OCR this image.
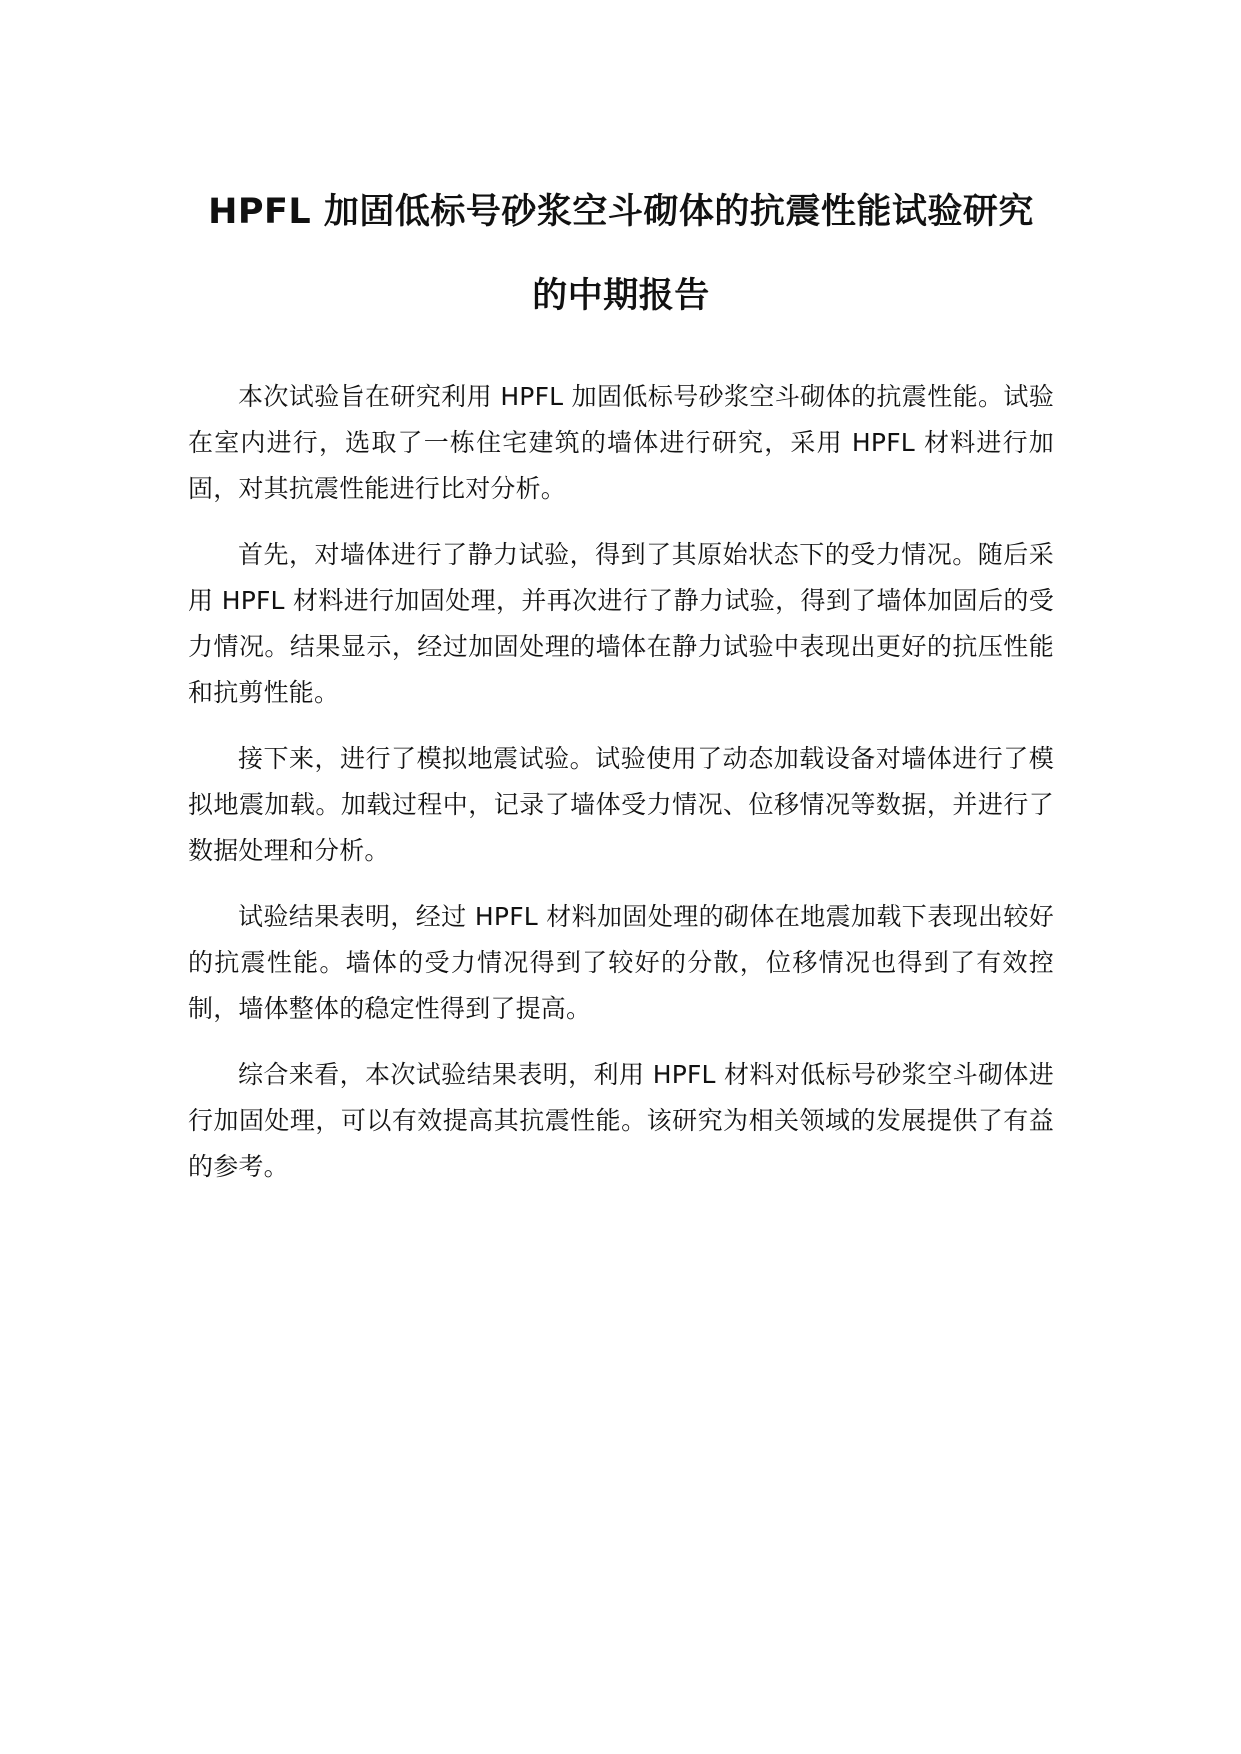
HPFL 加固低标号砂浆空斗砌体的抗震性能试验研究
的中期报告

本次试验旨在研究利用 HPFL 加固低标号砂浆空斗砌体的抗震性能。试验在室内进行，选取了一栋住宅建筑的墙体进行研究，采用 HPFL 材料进行加固，对其抗震性能进行比对分析。

首先，对墙体进行了静力试验，得到了其原始状态下的受力情况。随后采用 HPFL 材料进行加固处理，并再次进行了静力试验，得到了墙体加固后的受力情况。结果显示，经过加固处理的墙体在静力试验中表现出更好的抗压性能和抗剪性能。

接下来，进行了模拟地震试验。试验使用了动态加载设备对墙体进行了模拟地震加载。加载过程中，记录了墙体受力情况、位移情况等数据，并进行了数据处理和分析。

试验结果表明，经过 HPFL 材料加固处理的砌体在地震加载下表现出较好的抗震性能。墙体的受力情况得到了较好的分散，位移情况也得到了有效控制，墙体整体的稳定性得到了提高。

综合来看，本次试验结果表明，利用 HPFL 材料对低标号砂浆空斗砌体进行加固处理，可以有效提高其抗震性能。该研究为相关领域的发展提供了有益的参考。
